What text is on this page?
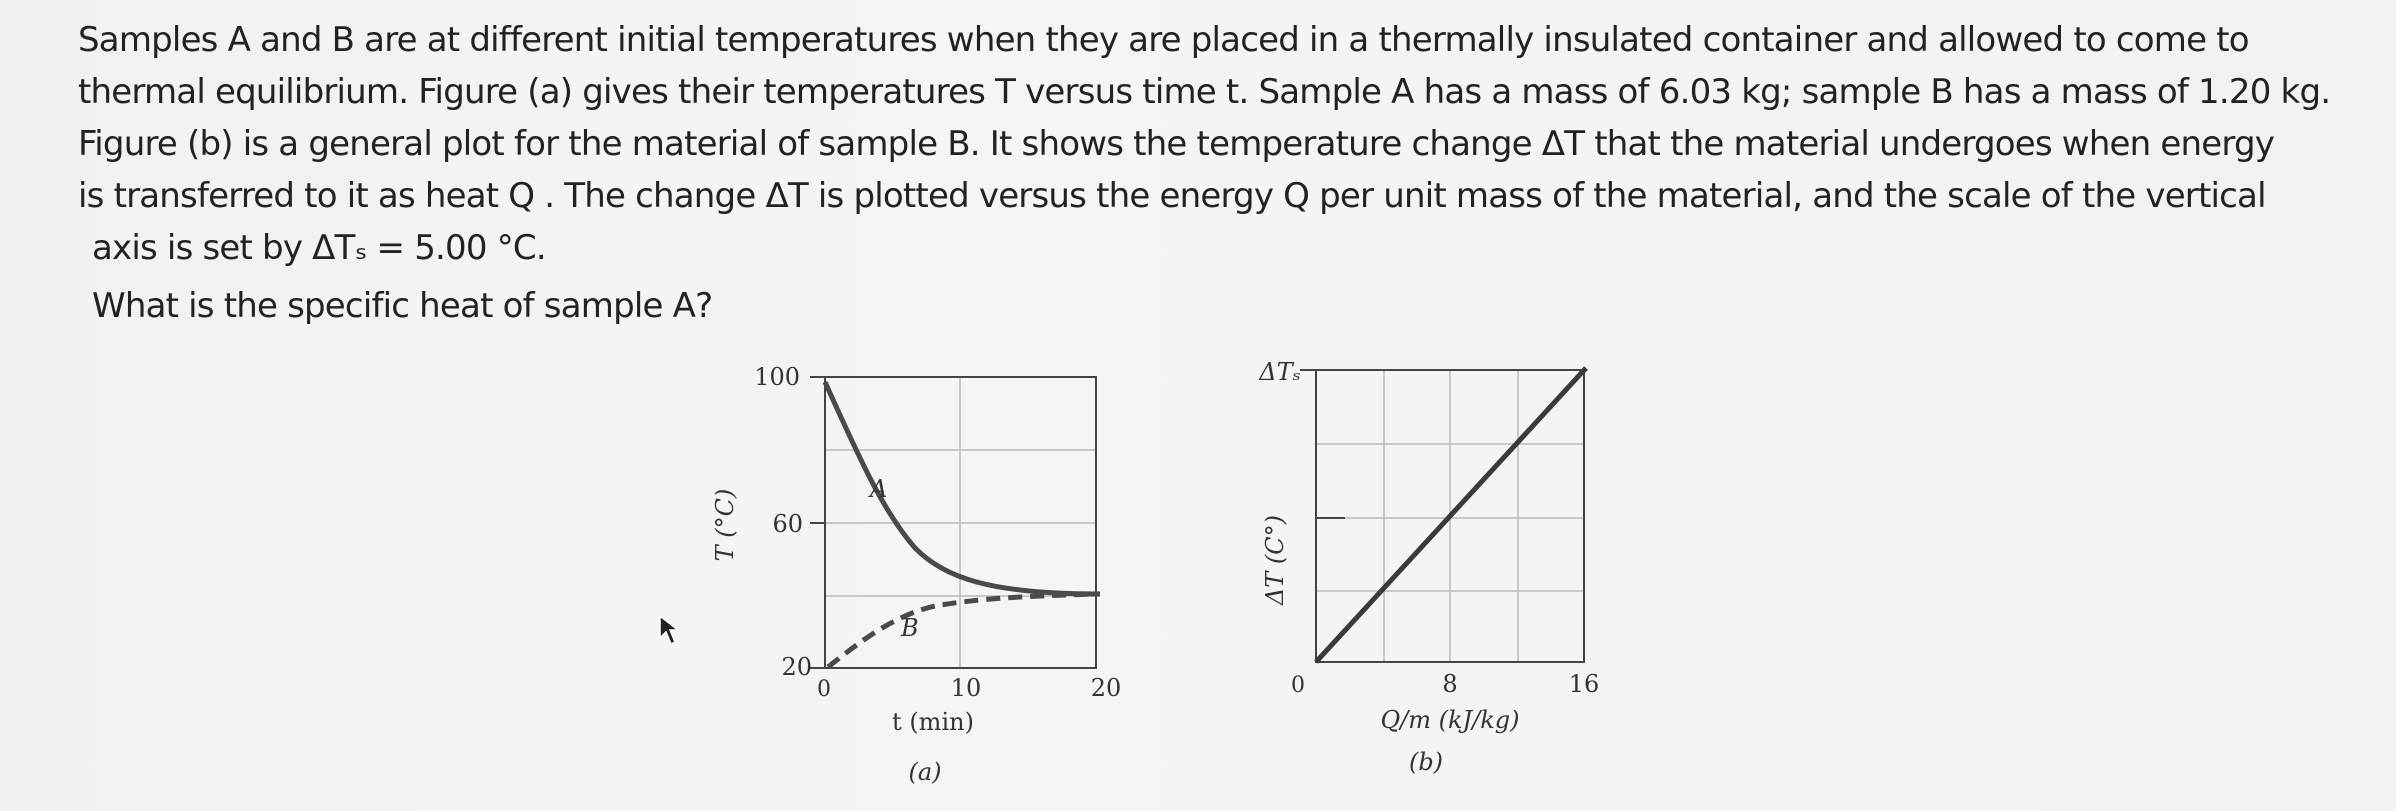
Samples A and B are at different initial temperatures when they are placed in a thermally insulated container and allowed to come to

thermal equilibrium. Figure (a) gives their temperatures T versus time t. Sample A has a mass of 6.03 kg; sample B has a mass of 1.20 kg.

Figure (b) is a general plot for the material of sample B. It shows the temperature change ΔT that the material undergoes when energy

is transferred to it as heat Q . The change ΔT is plotted versus the energy Q per unit mass of the material, and the scale of the vertical

axis is set by ΔTₛ = 5.00 °C.

What is the specific heat of sample A?
T (°C)
100
60
20
0	10	20
t (min)
(a)
A
B
ΔT (C°)
ΔTₛ
0	8	16
Q/m (kJ/kg)
(b)
